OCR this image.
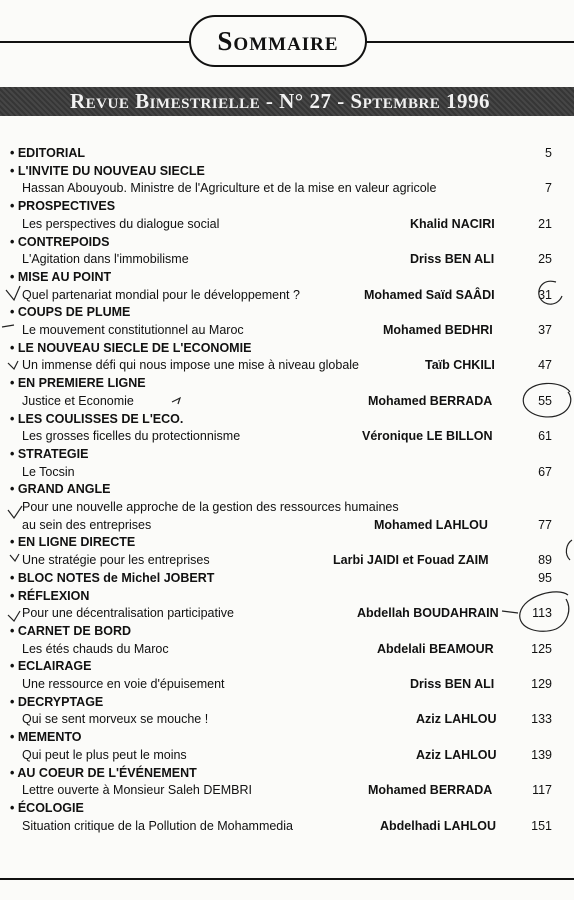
Sommaire
Revue Bimestrielle - N° 27 - Sptembre 1996
• EDITORIAL	5
• L'INVITE DU NOUVEAU SIECLE
Hassan Abouyoub. Ministre de l'Agriculture et de la mise en valeur agricole	7
• PROSPECTIVES
Les perspectives du dialogue social	Khalid NACIRI	21
• CONTREPOIDS
L'Agitation dans l'immobilisme	Driss BEN ALI	25
• MISE AU POINT
Quel partenariat mondial pour le développement ?	Mohamed Saïd SAÂDI	31
• COUPS DE PLUME
Le mouvement constitutionnel au Maroc	Mohamed BEDHRI	37
• LE NOUVEAU SIECLE DE L'ECONOMIE
Un immense défi qui nous impose une mise à niveau globale	Taïb CHKILI	47
• EN PREMIERE LIGNE
Justice et Economie	Mohamed BERRADA	55
• LES COULISSES DE L'ECO.
Les grosses ficelles du protectionnisme	Véronique LE BILLON	61
• STRATEGIE
Le Tocsin	67
• GRAND ANGLE
Pour une nouvelle approche de la gestion des ressources humaines
au sein des entreprises	Mohamed LAHLOU	77
• EN LIGNE DIRECTE
Une stratégie pour les entreprises	Larbi JAIDI et Fouad ZAIM	89
• BLOC NOTES de Michel JOBERT	95
• RÉFLEXION
Pour une décentralisation participative	Abdellah BOUDAHRAIN	113
• CARNET DE BORD
Les étés chauds du Maroc	Abdelali BEAMOUR	125
• ECLAIRAGE
Une ressource en voie d'épuisement	Driss BEN ALI	129
• DECRYPTAGE
Qui se sent morveux se mouche !	Aziz LAHLOU	133
• MEMENTO
Qui peut le plus peut le moins	Aziz LAHLOU	139
• AU COEUR DE L'ÉVÉNEMENT
Lettre ouverte à Monsieur Saleh DEMBRI	Mohamed BERRADA	117
• ÉCOLOGIE
Situation critique de la Pollution de Mohammedia	Abdelhadi LAHLOU	151
